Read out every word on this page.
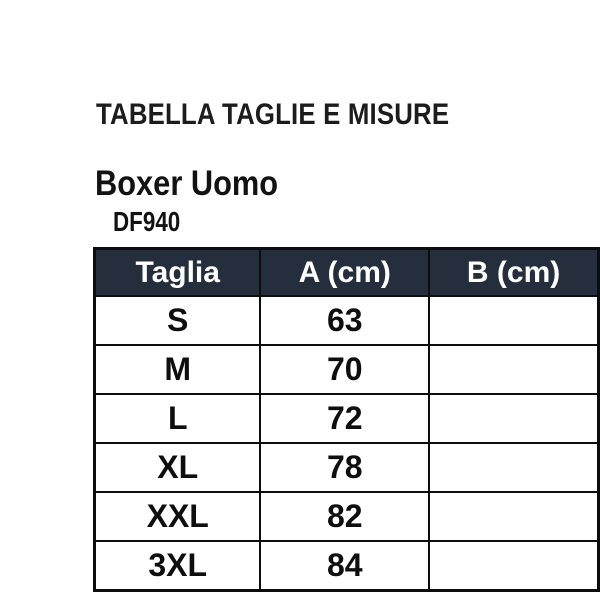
TABELLA TAGLIE E MISURE
Boxer Uomo
DF940
Taglia	A (cm)	B (cm)
S	63	
M	70	
L	72	
XL	78	
XXL	82	
3XL	84	
